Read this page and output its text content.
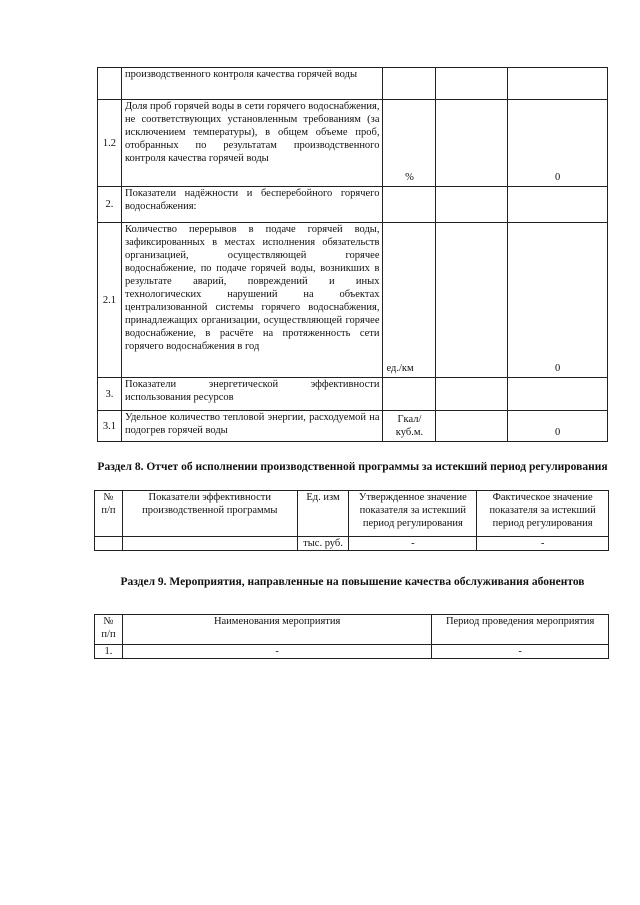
	производственного контроля качества горячей воды			
1.2	Доля проб горячей воды в сети горячего водоснабжения, не соответствующих установленным требованиям (за исключением температуры), в общем объеме проб, отобранных по результатам производственного контроля качества горячей воды	%		0
2.	Показатели надёжности и бесперебойного горячего водоснабжения:			
2.1	Количество перерывов в подаче горячей воды, зафиксированных в местах исполнения обязательств организацией, осуществляющей горячее водоснабжение, по подаче горячей воды, возникших в результате аварий, повреждений и иных технологических нарушений на объектах централизованной системы горячего водоснабжения, принадлежащих организации, осуществляющей горячее водоснабжение, в расчёте на протяженность сети горячего водоснабжения в год	ед./км		0
3.	Показатели энергетической эффективности использования ресурсов			
3.1	Удельное количество тепловой энергии, расходуемой на подогрев горячей воды	Гкал/ куб.м.		0
Раздел 8. Отчет об исполнении производственной программы за истекший период регулирования
№ п/п	Показатели эффективности производственной программы	Ед. изм	Утвержденное значение показателя за истекший период регулирования	Фактическое значение показателя за истекший период регулирования
		тыс. руб.	-	-
Раздел 9. Мероприятия, направленные на повышение качества обслуживания абонентов
№ п/п	Наименования мероприятия	Период проведения мероприятия
1.	-	-
